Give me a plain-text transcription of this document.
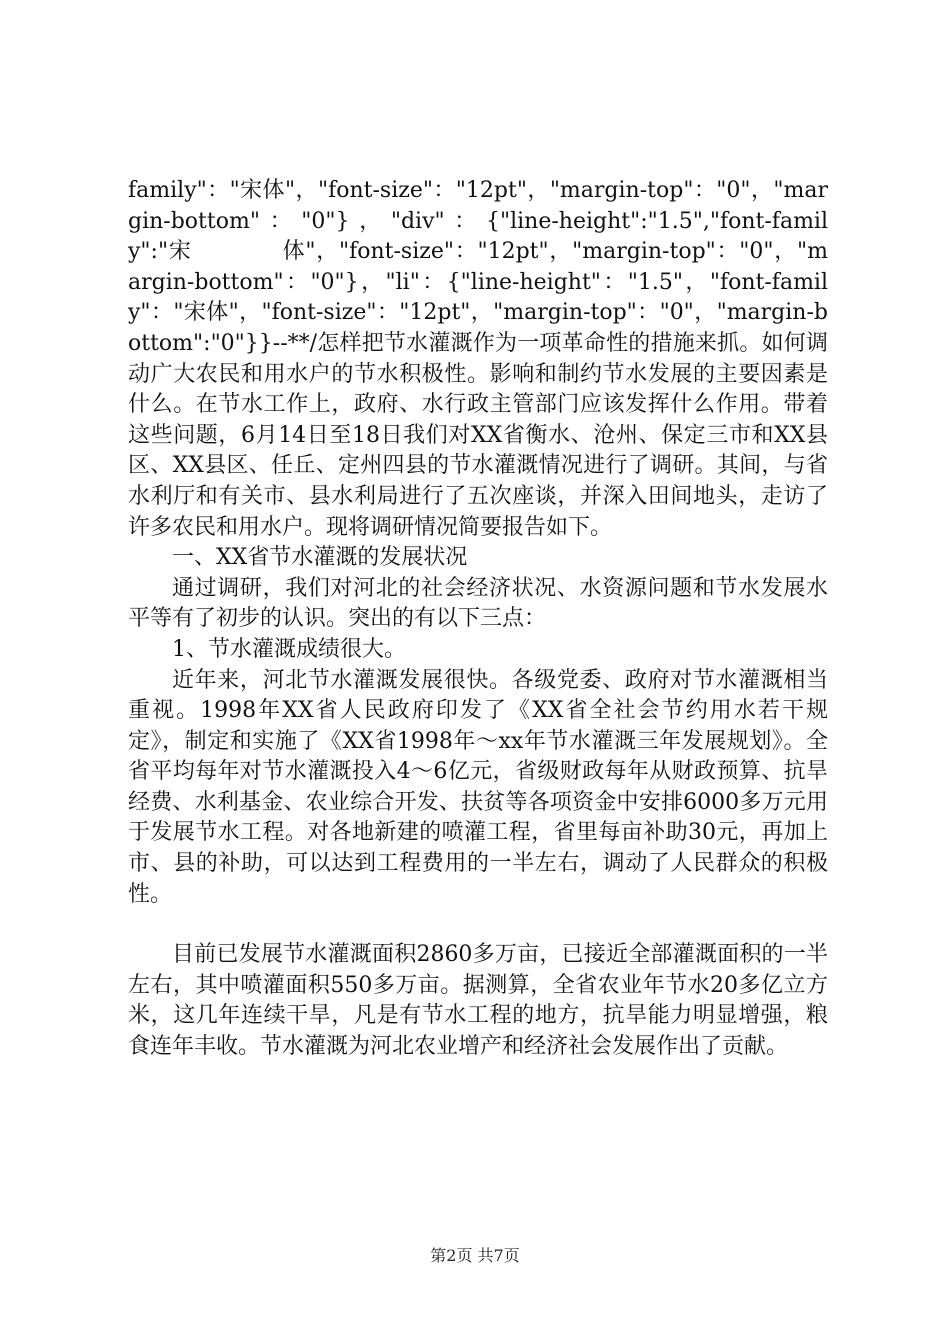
family"："宋体"，"font-size"："12pt"，"margin-top"："0"，"margin-bottom"："0"}，"div"：{"line-height":"1.5","font-family":"宋　　　　体"，"font-size"："12pt"，"margin-top"："0"，"margin-bottom"："0"}，"li"：{"line-height"："1.5"，"font-family"："宋体"，"font-size"："12pt"，"margin-top"："0"，"margin-bottom":"0"}}--**/怎样把节水灌溉作为一项革命性的措施来抓。如何调动广大农民和用水户的节水积极性。影响和制约节水发展的主要因素是什么。在节水工作上，政府、水行政主管部门应该发挥什么作用。带着这些问题，6月14日至18日我们对XX省衡水、沧州、保定三市和XX县区、XX县区、任丘、定州四县的节水灌溉情况进行了调研。其间，与省水利厅和有关市、县水利局进行了五次座谈，并深入田间地头，走访了许多农民和用水户。现将调研情况简要报告如下。

一、XX省节水灌溉的发展状况

通过调研，我们对河北的社会经济状况、水资源问题和节水发展水平等有了初步的认识。突出的有以下三点：

1、节水灌溉成绩很大。

近年来，河北节水灌溉发展很快。各级党委、政府对节水灌溉相当重视。1998年XX省人民政府印发了《XX省全社会节约用水若干规定》，制定和实施了《XX省1998年～xx年节水灌溉三年发展规划》。全省平均每年对节水灌溉投入4～6亿元，省级财政每年从财政预算、抗旱经费、水利基金、农业综合开发、扶贫等各项资金中安排6000多万元用于发展节水工程。对各地新建的喷灌工程，省里每亩补助30元，再加上市、县的补助，可以达到工程费用的一半左右，调动了人民群众的积极性。

目前已发展节水灌溉面积2860多万亩，已接近全部灌溉面积的一半左右，其中喷灌面积550多万亩。据测算，全省农业年节水20多亿立方米，这几年连续干旱，凡是有节水工程的地方，抗旱能力明显增强，粮食连年丰收。节水灌溉为河北农业增产和经济社会发展作出了贡献。

第2页 共7页
